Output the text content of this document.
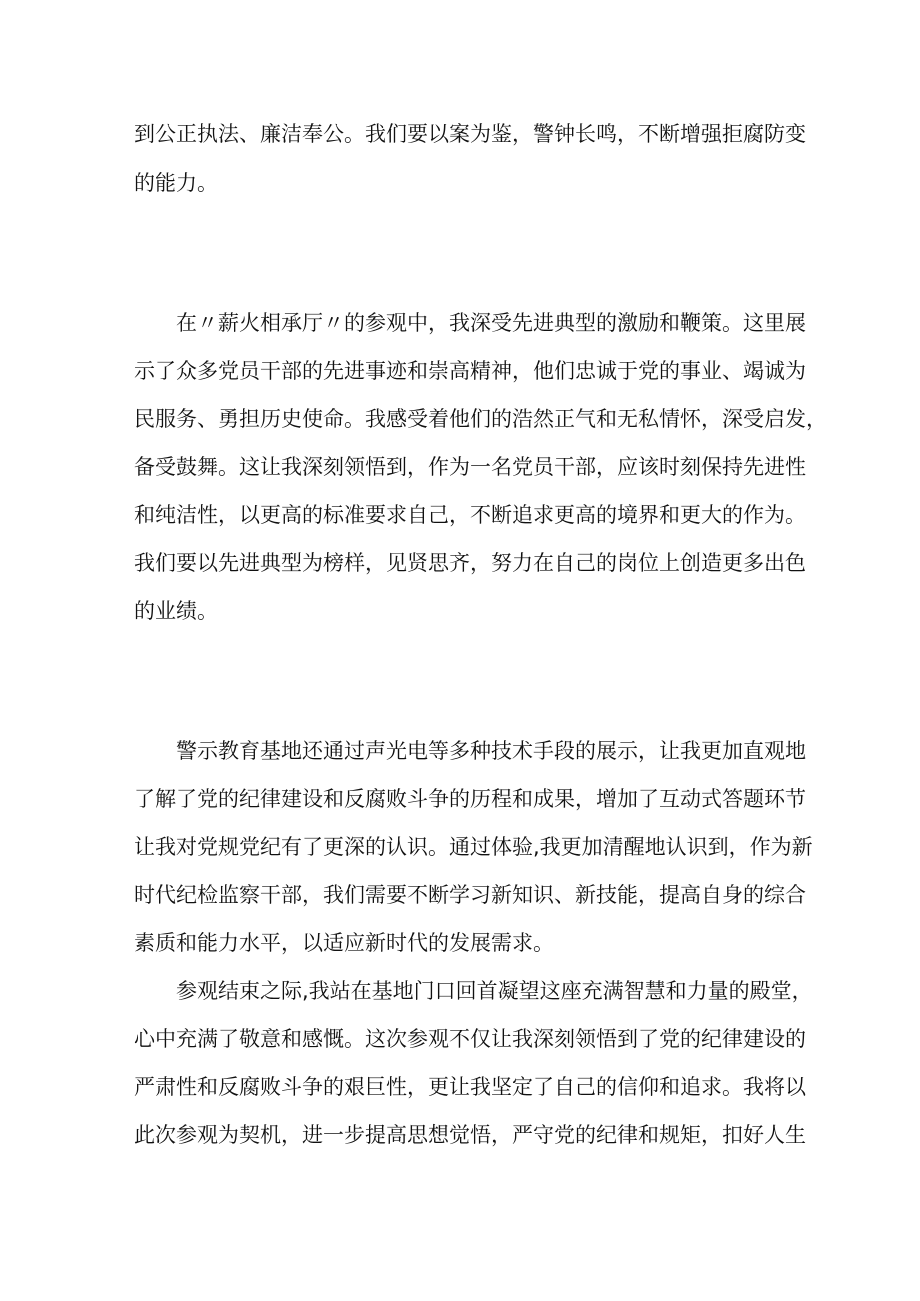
到公正执法、廉洁奉公。我们要以案为鉴，警钟长鸣，不断增强拒腐防变
的能力。
在〃薪火相承厅〃的参观中，我深受先进典型的激励和鞭策。这里展
示了众多党员干部的先进事迹和崇高精神，他们忠诚于党的事业、竭诚为
民服务、勇担历史使命。我感受着他们的浩然正气和无私情怀，深受启发，
备受鼓舞。这让我深刻领悟到，作为一名党员干部，应该时刻保持先进性
和纯洁性，以更高的标准要求自己，不断追求更高的境界和更大的作为。
我们要以先进典型为榜样，见贤思齐，努力在自己的岗位上创造更多出色
的业绩。
警示教育基地还通过声光电等多种技术手段的展示，让我更加直观地
了解了党的纪律建设和反腐败斗争的历程和成果，增加了互动式答题环节
让我对党规党纪有了更深的认识。通过体验,我更加清醒地认识到，作为新
时代纪检监察干部，我们需要不断学习新知识、新技能，提高自身的综合
素质和能力水平，以适应新时代的发展需求。
参观结束之际,我站在基地门口回首凝望这座充满智慧和力量的殿堂，
心中充满了敬意和感慨。这次参观不仅让我深刻领悟到了党的纪律建设的
严肃性和反腐败斗争的艰巨性，更让我坚定了自己的信仰和追求。我将以
此次参观为契机，进一步提高思想觉悟，严守党的纪律和规矩，扣好人生
